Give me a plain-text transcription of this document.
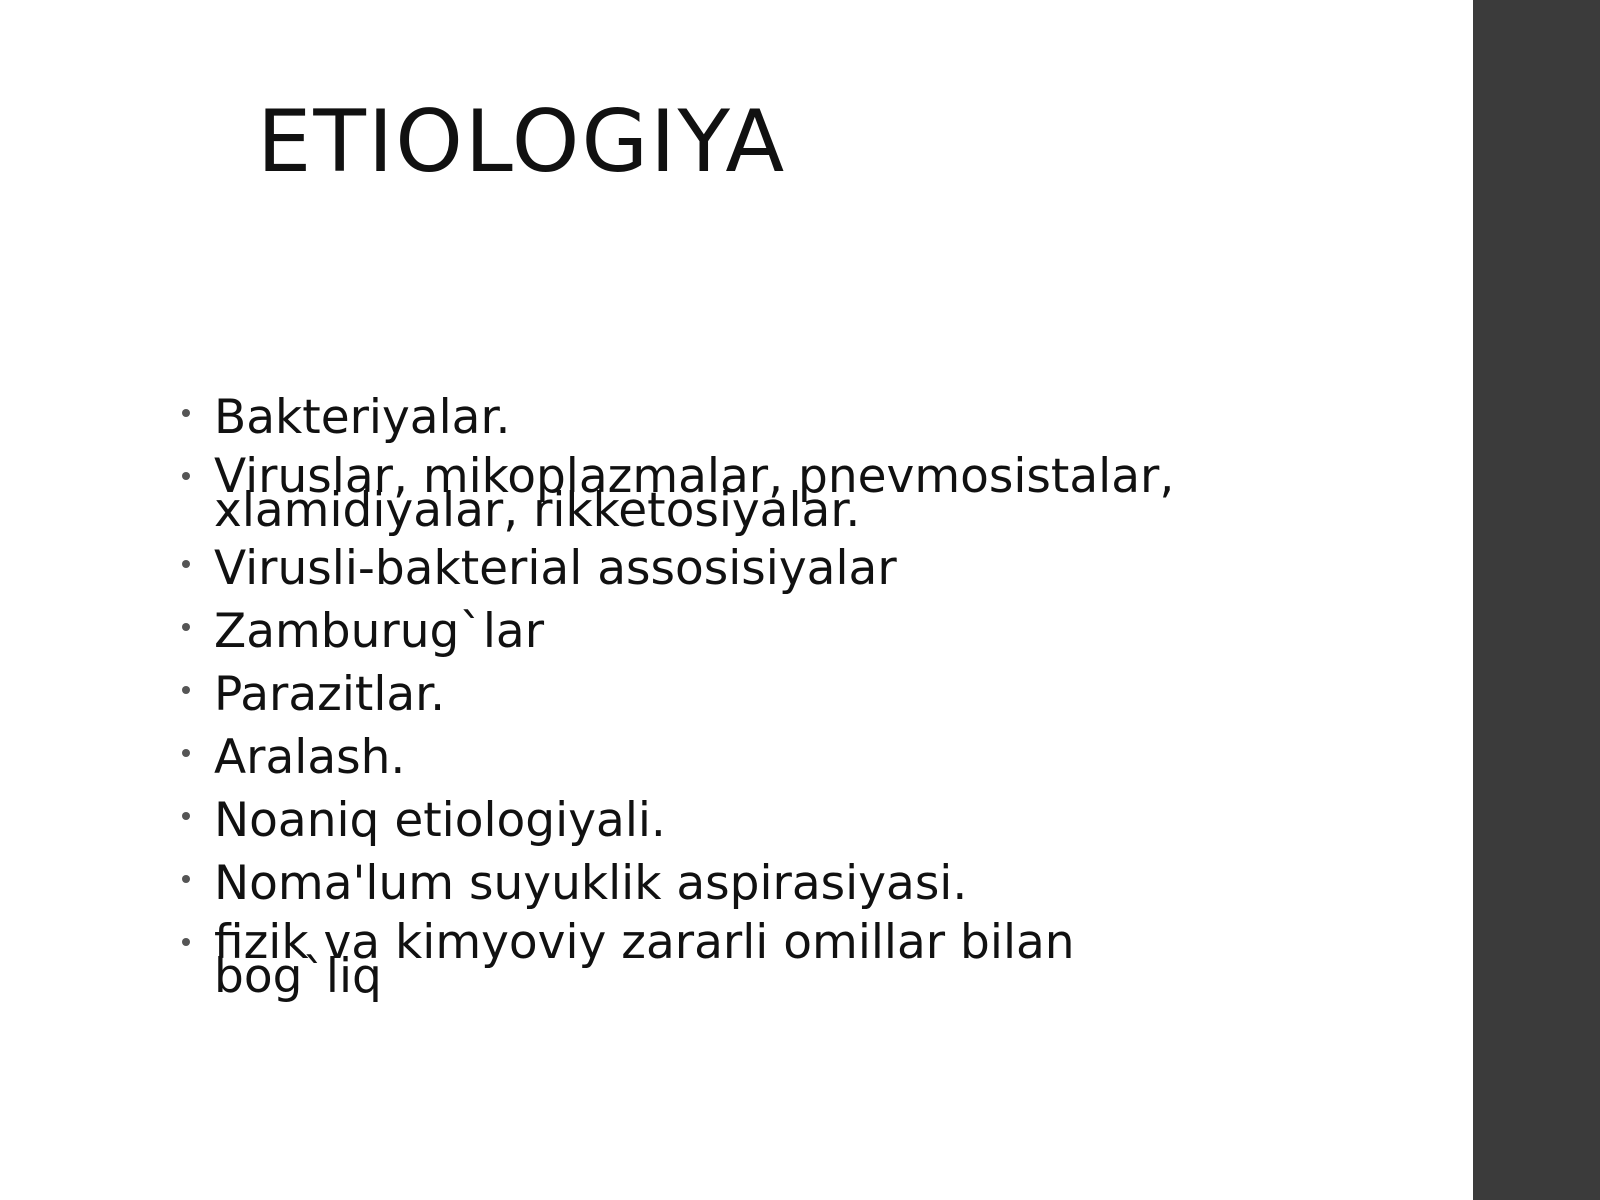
ETIOLOGIYA
Bakteriyalar.
Viruslar, mikoplazmalar, pnevmosistalar, xlamidiyalar, rikketosiyalar.
Virusli-bakterial assosisiyalar
Zamburug`lar
Parazitlar.
Aralash.
Noaniq etiologiyali.
Noma'lum suyuklik aspirasiyasi.
fizik va kimyoviy zararli omillar bilan bog`liq
